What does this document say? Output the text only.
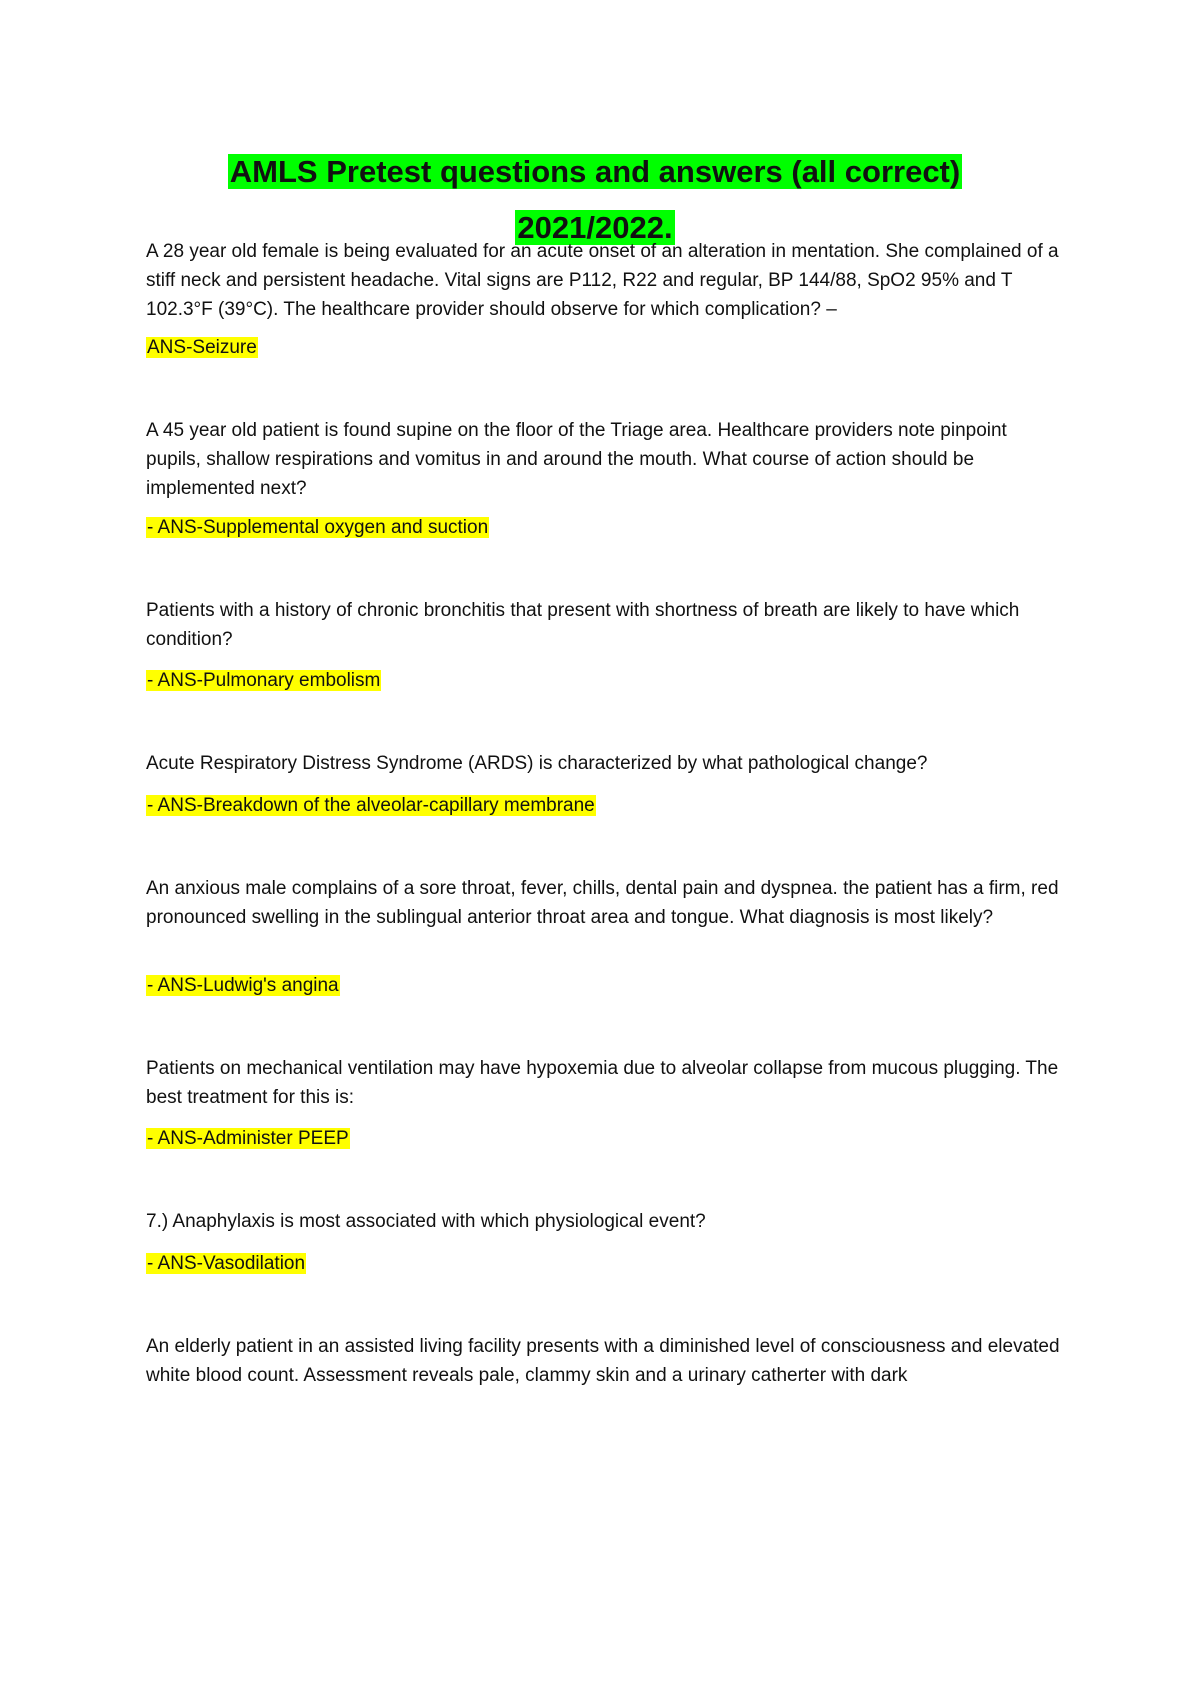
AMLS Pretest questions and answers (all correct)
2021/2022.

A 28 year old female is being evaluated for an acute onset of an alteration in mentation. She complained of a stiff neck and persistent headache. Vital signs are P112, R22 and regular, BP 144/88, SpO2 95% and T 102.3°F (39°C). The healthcare provider should observe for which complication? –

ANS-Seizure

A 45 year old patient is found supine on the floor of the Triage area. Healthcare providers note pinpoint pupils, shallow respirations and vomitus in and around the mouth. What course of action should be implemented next?

- ANS-Supplemental oxygen and suction

Patients with a history of chronic bronchitis that present with shortness of breath are likely to have which condition?

- ANS-Pulmonary embolism

Acute Respiratory Distress Syndrome (ARDS) is characterized by what pathological change?

- ANS-Breakdown of the alveolar-capillary membrane

An anxious male complains of a sore throat, fever, chills, dental pain and dyspnea. the patient has a firm, red pronounced swelling in the sublingual anterior throat area and tongue. What diagnosis is most likely?

- ANS-Ludwig's angina

Patients on mechanical ventilation may have hypoxemia due to alveolar collapse from mucous plugging. The best treatment for this is:

- ANS-Administer PEEP

7.) Anaphylaxis is most associated with which physiological event?

- ANS-Vasodilation

An elderly patient in an assisted living facility presents with a diminished level of consciousness and elevated white blood count. Assessment reveals pale, clammy skin and a urinary catherter with dark
